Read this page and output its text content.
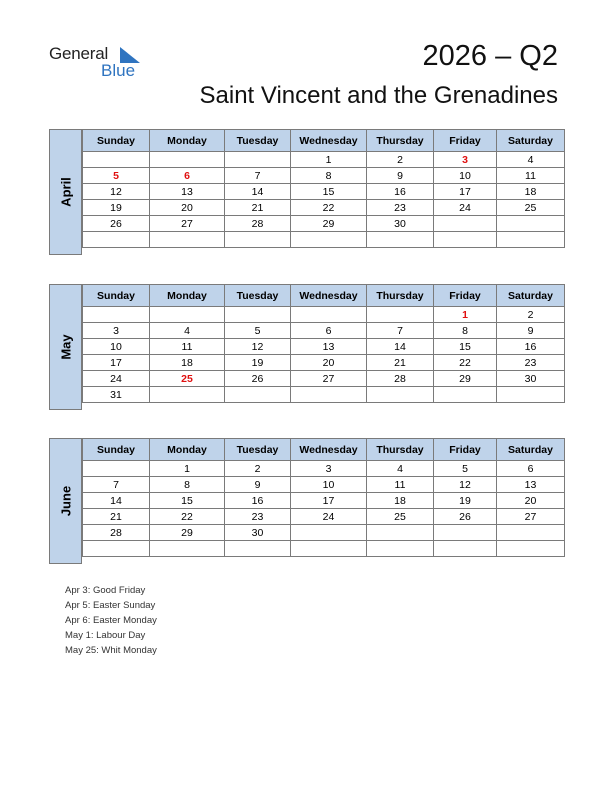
General
Blue	2026 – Q2
Saint Vincent and the Grenadines
April
Sunday	Monday	Tuesday	Wednesday	Thursday	Friday	Saturday
			1	2	3	4
5	6	7	8	9	10	11
12	13	14	15	16	17	18
19	20	21	22	23	24	25
26	27	28	29	30		

May
Sunday	Monday	Tuesday	Wednesday	Thursday	Friday	Saturday
					1	2
3	4	5	6	7	8	9
10	11	12	13	14	15	16
17	18	19	20	21	22	23
24	25	26	27	28	29	30
31						
June
Sunday	Monday	Tuesday	Wednesday	Thursday	Friday	Saturday
	1	2	3	4	5	6
7	8	9	10	11	12	13
14	15	16	17	18	19	20
21	22	23	24	25	26	27
28	29	30				

Apr 3: Good Friday
Apr 5: Easter Sunday
Apr 6: Easter Monday
May 1: Labour Day
May 25: Whit Monday
